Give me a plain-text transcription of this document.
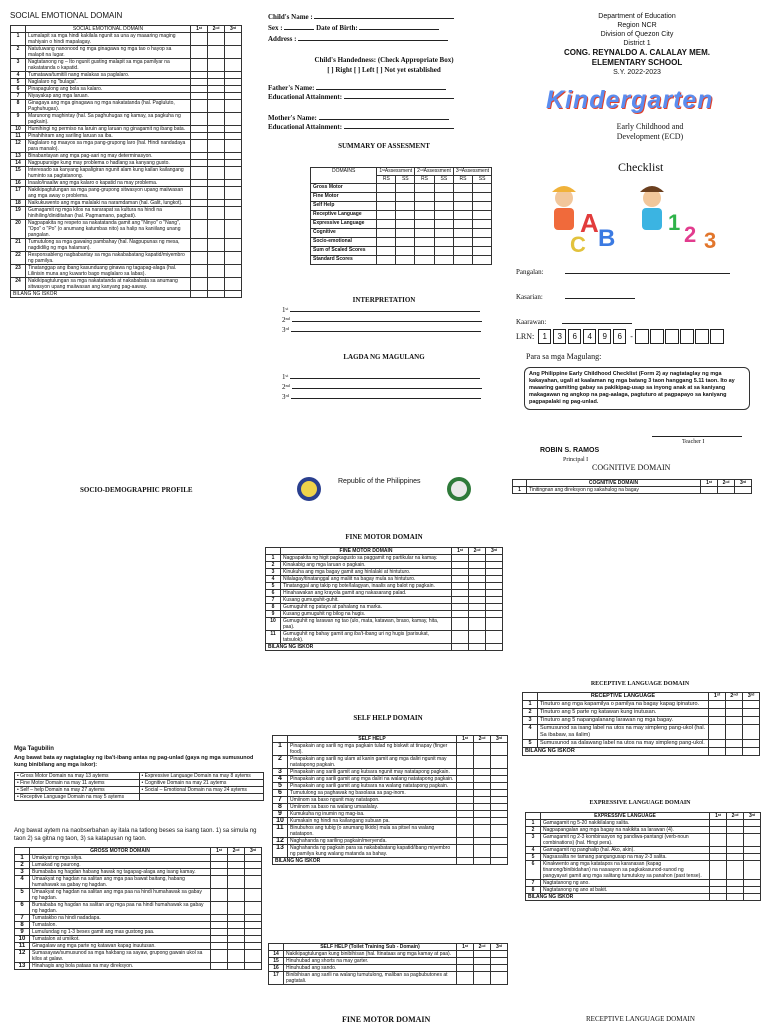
SOCIAL EMOTIONAL DOMAIN
	SOCIAL EMOTIONAL DOMAIN	1ˢᵗ	2ⁿᵈ	3ʳᵈ
1	Lumalapit sa mga hindi kakilala ngunit sa una ay maaaring maging mahiyain o hindi mapalagay.			
2	Natutuwang nanonood ng mga ginagawa ng mga tao o hayop sa malapit na lugar.			
3	Nagtatanong ng – Ito ngunit gusting malapit sa mga pamilyar na nakatatanda o kapatid.			
4	Tumatawa/tumitili nang malakas sa paglalaro.			
5	Naglalaro ng "bulaga".			
6	Pinapagulong ang bola sa kalaro.			
7	Niyayakap ang mga laruan.			
8	Ginagaya ang mga ginagawa ng mga nakatatanda (hal. Pagluluto, Paghuhugas).			
9	Marunong maghintay (hal. Sa paghuhugas ng kamay, sa pagkuha ng pagkain).			
10	Humihingi ng permiso na laruin ang laruan ng ginagamit ng ibang bata.			
11	Pinahihiram ang sariling laruan sa iba.			
12	Naglalaro ng maayos sa mga pang-grupong laro (hal. Hindi nandadaya para manalo).			
13	Binabantayan ang mga pag-aari ng may determinasyon.			
14	Nagpupursige kung may problema o hadlang sa kanyang gusto.			
15	Interesado sa kanyang kapaligiran ngunit alam kung kailan kailangang huminto sa pagtatanong.			
16	Inaalo/inaaliw ang mga kalaro o kapatid na may problema.			
17	Nakikipagtulungan sa mga pang-grupong sitwasyon upang maiiwasan ang mga away o problema.			
18	Naikukuwento ang mga malalaki na naramdaman (hal. Galit, lungkot).			
19	Gumagamit ng mga kilos na nararapat sa kultura na hindi na hinihiling/diniditahan (hal. Pagmamano, pagbati).			
20	Nagpapakita ng respeto sa nakatatanda gamit ang "Ninyo" o "Nang", "Opo" o "Po" (o anumang katumbas nito) sa halip na kaniilang unang pangalan.			
21	Tumutulong sa mga gawaing pambahay (hal. Nagpupunas ng mesa, nagdidilig ng mga halaman).			
22	Responsableng nagbabantay sa mga nakababatang kapatid/miyembro ng pamilya.			
23	Tinatanggap ang ibang kasunduang ginawa ng tagapag-alaga (hal. Lilinisin muna ang kuwarto bago maglalaro sa labas).			
24	Nakikipagtulungan sa mga nakatatanda at nakababata sa anumang sitwasyon upang maiiwasan ang kanyang pag-aaway.			
BILANG NG ISKOR				
Child's Name :
Sex :	Date of Birth:
Address :
Child's Handedness: (Check Appropriate Box)
[ ] Right [ ] Left [ ] Not yet established
Father's Name:
Educational Attainment:
Mother's Name:
Educational Attainment:
SUMMARY OF ASSESMENT
DOMAINS	1ˢᵗAssessment		2ⁿᵈAssessment		3ʳᵈAssessment	
	RS	SS	RS	SS	RS	SS
Gross Motor						
Fine Motor						
Self Help						
Receptive Language						
Expressive Language						
Cognitive						
Socio-emotional						
Sum of Scaled Scores						
Standard Scores						
INTERPRETATION
1ˢᵗ
2ⁿᵈ
3ʳᵈ
LAGDA NG MAGULANG
1ˢᵗ
2ⁿᵈ
3ʳᵈ
SOCIO-DEMOGRAPHIC PROFILE
Republic of the Philippines
Department of Education
Region NCR
Division of Quezon City
District 1
CONG. REYNALDO A. CALALAY MEM.
ELEMENTARY SCHOOL
S.Y. 2022-2023
Kindergarten
Early Childhood and
Development (ECD)
Checklist
A
B
C
1 2 3
Pangalan:
Kasarian:
Kaarawan:
LRN:	1	3	6	4	9	6	-
Para sa mga Magulang:
Ang Philippine Early Childhood Checklist (Form 2) ay nagtataglay ng mga kakayahan, ugali at kaalaman ng mga batang 3 taon hanggang 5.11 taon. Ito ay maaaring gamiting gabay sa pakikipag-usap sa inyong anak at sa kaniyang makagawan ng angkop na pag-aalaga, pagtuturo at pagpapayo sa kaniyang pagpapalaki ng pag-unlad.
Teacher I
ROBIN S. RAMOS
Principal I
COGNITIVE DOMAIN
	COGNITIVE DOMAIN	1ˢᵗ	2ⁿᵈ	3ʳᵈ
1	Tinitingnan ang direksyon ng sakahulog na bagay			
FINE MOTOR DOMAIN
	FINE MOTOR DOMAIN	1ˢᵗ	2ⁿᵈ	3ʳᵈ
1	Nagpapakita ng higit pagkagusto sa paggamit ng partikular na kamay.			
2	Kinakabig ang mga laruan o pagkain.			
3	Kinukuha ang mga bagay gamit ang hinlalaki at hintuturo.			
4	Nilalagay/tinatanggal ang maliit na bagay mula sa hintuturo.			
5	Tinatanggal ang takip ng bote/lalagyan, inaalis ang balot ng pagkain.			
6	Hinahawakan ang krayola gamit ang nakasarang palad.			
7	Kusang gumuguhit-guhit.			
8	Gumuguhit ng patayo at pahalang na marka.			
9	Kusang gumuguhit ng bilog na hugis.			
10	Gumuguhit ng larawan ng tao (ulo, mata, katawan, braso, kamay, hita, paa).			
11	Gumuguhit ng bahay gamit ang iba't-ibang uri ng hugis (parisukat, tatsulok).			
BILANG NG ISKOR				
SELF HELP DOMAIN
	SELF HELP	1ˢᵗ	2ⁿᵈ	3ʳᵈ
1	Pinapakain ang sarili ng mga pagkain tulad ng biskwit at tinapay (finger food).			
2	Pinapakain ang sarili ng ulam at kanin gamit ang mga daliri ngunit may natatapong pagkain.			
3	Pinapakain ang sarili gamit ang kutsara ngunit may natatapong pagkain.			
4	Pinapakain ang sarili gamit ang mga daliri na walang natatapong pagkain.			
5	Pinapakain ang sarili gamit ang kutsara na walang natatapong pagkain.			
6	Tumutulong sa paghawak ng basolasa sa pag-inom.			
7	Umiinom sa baso ngunit may natatapon.			
8	Umiinom sa baso na walang umaalalay.			
9	Kumukuha ng inumin ng mag-isa.			
10	Kumakain ng hindi na kailangang subuan pa.			
11	Binubuhos ang tubig (o anumang likido) mula sa pitsel na walang natatapon.			
12	Naghahanda ng sariling pagkain/meryenda.			
13	Naghahanda ng pagkain para sa nakababatang kapatid/ibang miyembro ng pamilya kung walang matanda sa bahay.			
BILANG NG ISKOR				
	SELF HELP (Toilet Training Sub - Domain)	1ˢᵗ	2ⁿᵈ	3ʳᵈ
14	Nakikipagtulungan kung binibihisan (hal. Itinataas ang mga kamay at paa).			
15	Hinuhubad ang shorts na may garter.			
16	Hinuhubad ang sando.			
17	Binibihisan ang sarili na walang tumutulong, maliban sa pagbubutones at pagtatali.			
Mga Tagubilin
Ang bawat bata ay nagtataglay ng iba't-ibang antas ng pag-unlad (gaya ng mga sumusunod kung binibilang ang mga iskor):
• Gross Motor Domain na may 13 aytems	• Expressive Language Domain na may 8 aytems
• Fine Motor Domain na may 11 aytems	• Cognitive Domain na may 21 aytems
• Self – help Domain na may 27 aytems	• Social – Emotional Domain na may 24 aytems
• Receptive Language Domain na may 5 aytems	
Ang bawat aytem na naobserbahan ay itala na tatlong beses sa isang taon. 1) sa simula ng taon 2) sa gitna ng taon, 3) sa katapusan ng taon.
	GROSS MOTOR DOMAIN	1ˢᵗ	2ⁿᵈ	3ʳᵈ
1	Umakyat ng mga silya.			
2	Lumakad ng paurong.			
3	Bumababa ng hagdan habang hawak ng tagapag-alaga ang isang kamay.			
4	Umaakyat ng hagdan na salitan ang mga paa bawat baitang, habang humahawak sa gabay ng hagdan.			
5	Umaakyat ng hagdan na salitan ang mga paa na hindi humahawak sa gabay ng hagdan.			
6	Bumababa ng hagdan na salitan ang mga paa na hindi humahawak sa gabay ng hagdan.			
7	Tumatakbo na hindi nadadapa.			
8	Tumatalon.			
9	Lumulundag ng 1-3 beses gamit ang mas gustong paa.			
10	Tumatalon at umiikot.			
11	Ginagalaw ang mga parte ng katawan kapag inuutusan.			
12	Sumasayaw/sumusunod sa mga hakbang sa sayaw, grupong gawain ukol sa kilos at galaw.			
13	Hinahagis ang bola pataas na may direksyon.			
RECEPTIVE LANGUAGE DOMAIN
	RECEPTIVE LANGUAGE	1ˢᵗ	2ⁿᵈ	3ʳᵈ
1	Tinuturo ang mga kapamilya o pamilya na bagay kapag ipinaturo.			
2	Tinuturo ang 5 parte ng katawan kung inutusan.			
3	Tinuturo ang 5 napangalanang larawan ng mga bagay.			
4	Sumusunod sa isang label na utos na may simpleng pang-ukol (hal. Sa ibabaw, sa ilalim)			
5	Sumusunod sa dalawang label na utos na may simpleng pang-ukol.			
BILANG NG ISKOR				
EXPRESSIVE LANGUAGE DOMAIN
	EXPRESSIVE LANGUAGE	1ˢᵗ	2ⁿᵈ	3ʳᵈ
1	Gamagamit ng 5-20 nakikilalang salita.			
2	Nagpapangalan ang mga bagay na nakikita sa larawan (4).			
3	Gamagamit ng 2-3 kombinasyon ng pandiwa-pantangi (verb-noun combinations) (hal. Hingi pera).			
4	Gamagamit ng panghalip (hal. Ako, akin).			
5	Nagsasalita ne tamang pangungusap na may 2-3 salita.			
6	Kinakwento ang mga katatapos na karanasan (kapag tinanong/binibidahan) na nasaayon sa pagkakasunod-sunod ng pangyayari gamit ang mga salitang tumutukoy sa panahon (past tense).			
7	Nagtatanong ng ano.			
8	Nagtatanong ng ano at bakit.			
BILANG NG ISKOR				
FINE MOTOR DOMAIN	RECEPTIVE LANGUAGE DOMAIN
